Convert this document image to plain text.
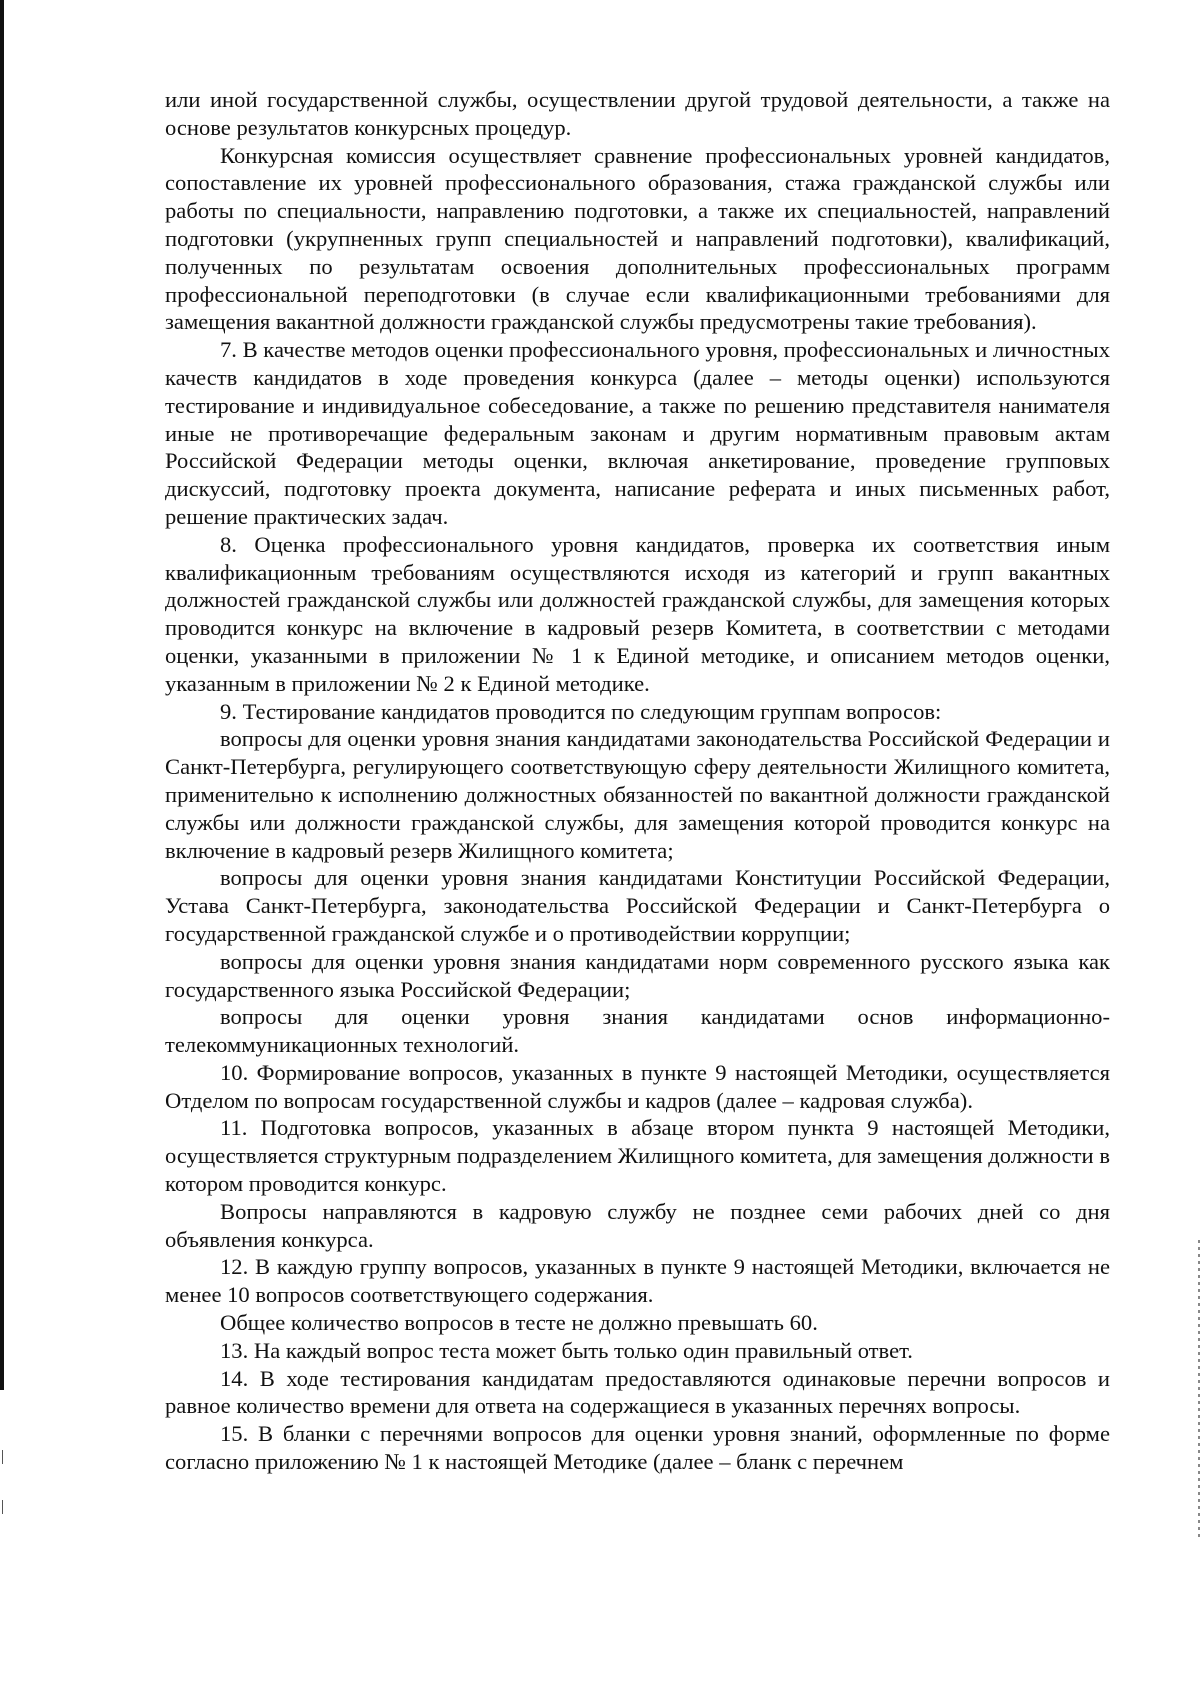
или иной государственной службы, осуществлении другой трудовой деятельности, а также на основе результатов конкурсных процедур.

Конкурсная комиссия осуществляет сравнение профессиональных уровней кандидатов, сопоставление их уровней профессионального образования, стажа гражданской службы или работы по специальности, направлению подготовки, а также их специальностей, направлений подготовки (укрупненных групп специальностей и направлений подготовки), квалификаций, полученных по результатам освоения дополнительных профессиональных программ профессиональной переподготовки (в случае если квалификационными требованиями для замещения вакантной должности гражданской службы предусмотрены такие требования).

7. В качестве методов оценки профессионального уровня, профессиональных и личностных качеств кандидатов в ходе проведения конкурса (далее – методы оценки) используются тестирование и индивидуальное собеседование, а также по решению представителя нанимателя иные не противоречащие федеральным законам и другим нормативным правовым актам Российской Федерации методы оценки, включая анкетирование, проведение групповых дискуссий, подготовку проекта документа, написание реферата и иных письменных работ, решение практических задач.

8. Оценка профессионального уровня кандидатов, проверка их соответствия иным квалификационным требованиям осуществляются исходя из категорий и групп вакантных должностей гражданской службы или должностей гражданской службы, для замещения которых проводится конкурс на включение в кадровый резерв Комитета, в соответствии с методами оценки, указанными в приложении № 1 к Единой методике, и описанием методов оценки, указанным в приложении № 2 к Единой методике.

9. Тестирование кандидатов проводится по следующим группам вопросов:

вопросы для оценки уровня знания кандидатами законодательства Российской Федерации и Санкт-Петербурга, регулирующего соответствующую сферу деятельности Жилищного комитета, применительно к исполнению должностных обязанностей по вакантной должности гражданской службы или должности гражданской службы, для замещения которой проводится конкурс на включение в кадровый резерв Жилищного комитета;

вопросы для оценки уровня знания кандидатами Конституции Российской Федерации, Устава Санкт-Петербурга, законодательства Российской Федерации и Санкт-Петербурга о государственной гражданской службе и о противодействии коррупции;

вопросы для оценки уровня знания кандидатами норм современного русского языка как государственного языка Российской Федерации;

вопросы для оценки уровня знания кандидатами основ информационно-телекоммуникационных технологий.

10. Формирование вопросов, указанных в пункте 9 настоящей Методики, осуществляется Отделом по вопросам государственной службы и кадров (далее – кадровая служба).

11. Подготовка вопросов, указанных в абзаце втором пункта 9 настоящей Методики, осуществляется структурным подразделением Жилищного комитета, для замещения должности в котором проводится конкурс.

Вопросы направляются в кадровую службу не позднее семи рабочих дней со дня объявления конкурса.

12. В каждую группу вопросов, указанных в пункте 9 настоящей Методики, включается не менее 10 вопросов соответствующего содержания.

Общее количество вопросов в тесте не должно превышать 60.

13. На каждый вопрос теста может быть только один правильный ответ.

14. В ходе тестирования кандидатам предоставляются одинаковые перечни вопросов и равное количество времени для ответа на содержащиеся в указанных перечнях вопросы.

15. В бланки с перечнями вопросов для оценки уровня знаний, оформленные по форме согласно приложению № 1 к настоящей Методике (далее – бланк с перечнем
